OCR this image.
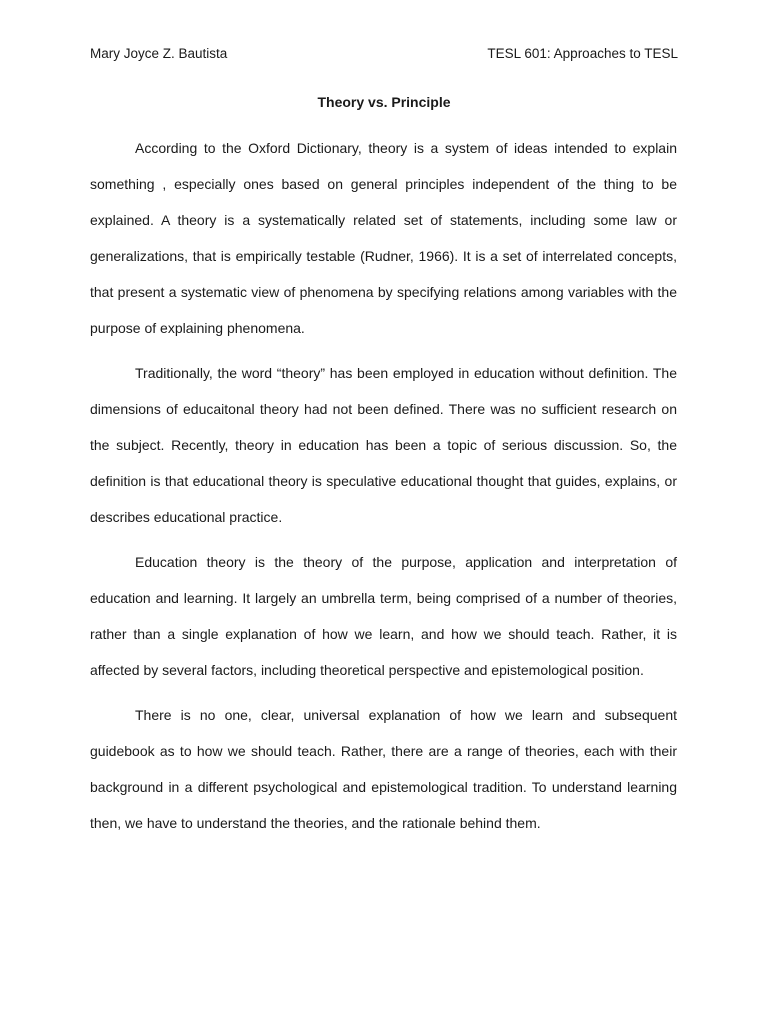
Mary Joyce Z. Bautista	TESL 601: Approaches to TESL
Theory vs. Principle

According to the Oxford Dictionary, theory is a system of ideas intended to explain something , especially ones based on general principles independent of the thing to be explained. A theory is a systematically related set of statements, including some law or generalizations, that is empirically testable (Rudner, 1966). It is a set of interrelated concepts, that present a systematic view of phenomena by specifying relations among variables with the purpose of explaining phenomena.

Traditionally, the word “theory” has been employed in education without definition. The dimensions of educaitonal theory had not been defined. There was no sufficient research on the subject. Recently, theory in education has been a topic of serious discussion. So, the definition is that educational theory is speculative educational thought that guides, explains, or describes educational practice.

Education theory is the theory of the purpose, application and interpretation of education and learning. It largely an umbrella term, being comprised of a number of theories, rather than a single explanation of how we learn, and how we should teach. Rather, it is affected by several factors, including theoretical perspective and epistemological position.

There is no one, clear, universal explanation of how we learn and subsequent guidebook as to how we should teach. Rather, there are a range of theories, each with their background in a different psychological and epistemological tradition. To understand learning then, we have to understand the theories, and the rationale behind them.
